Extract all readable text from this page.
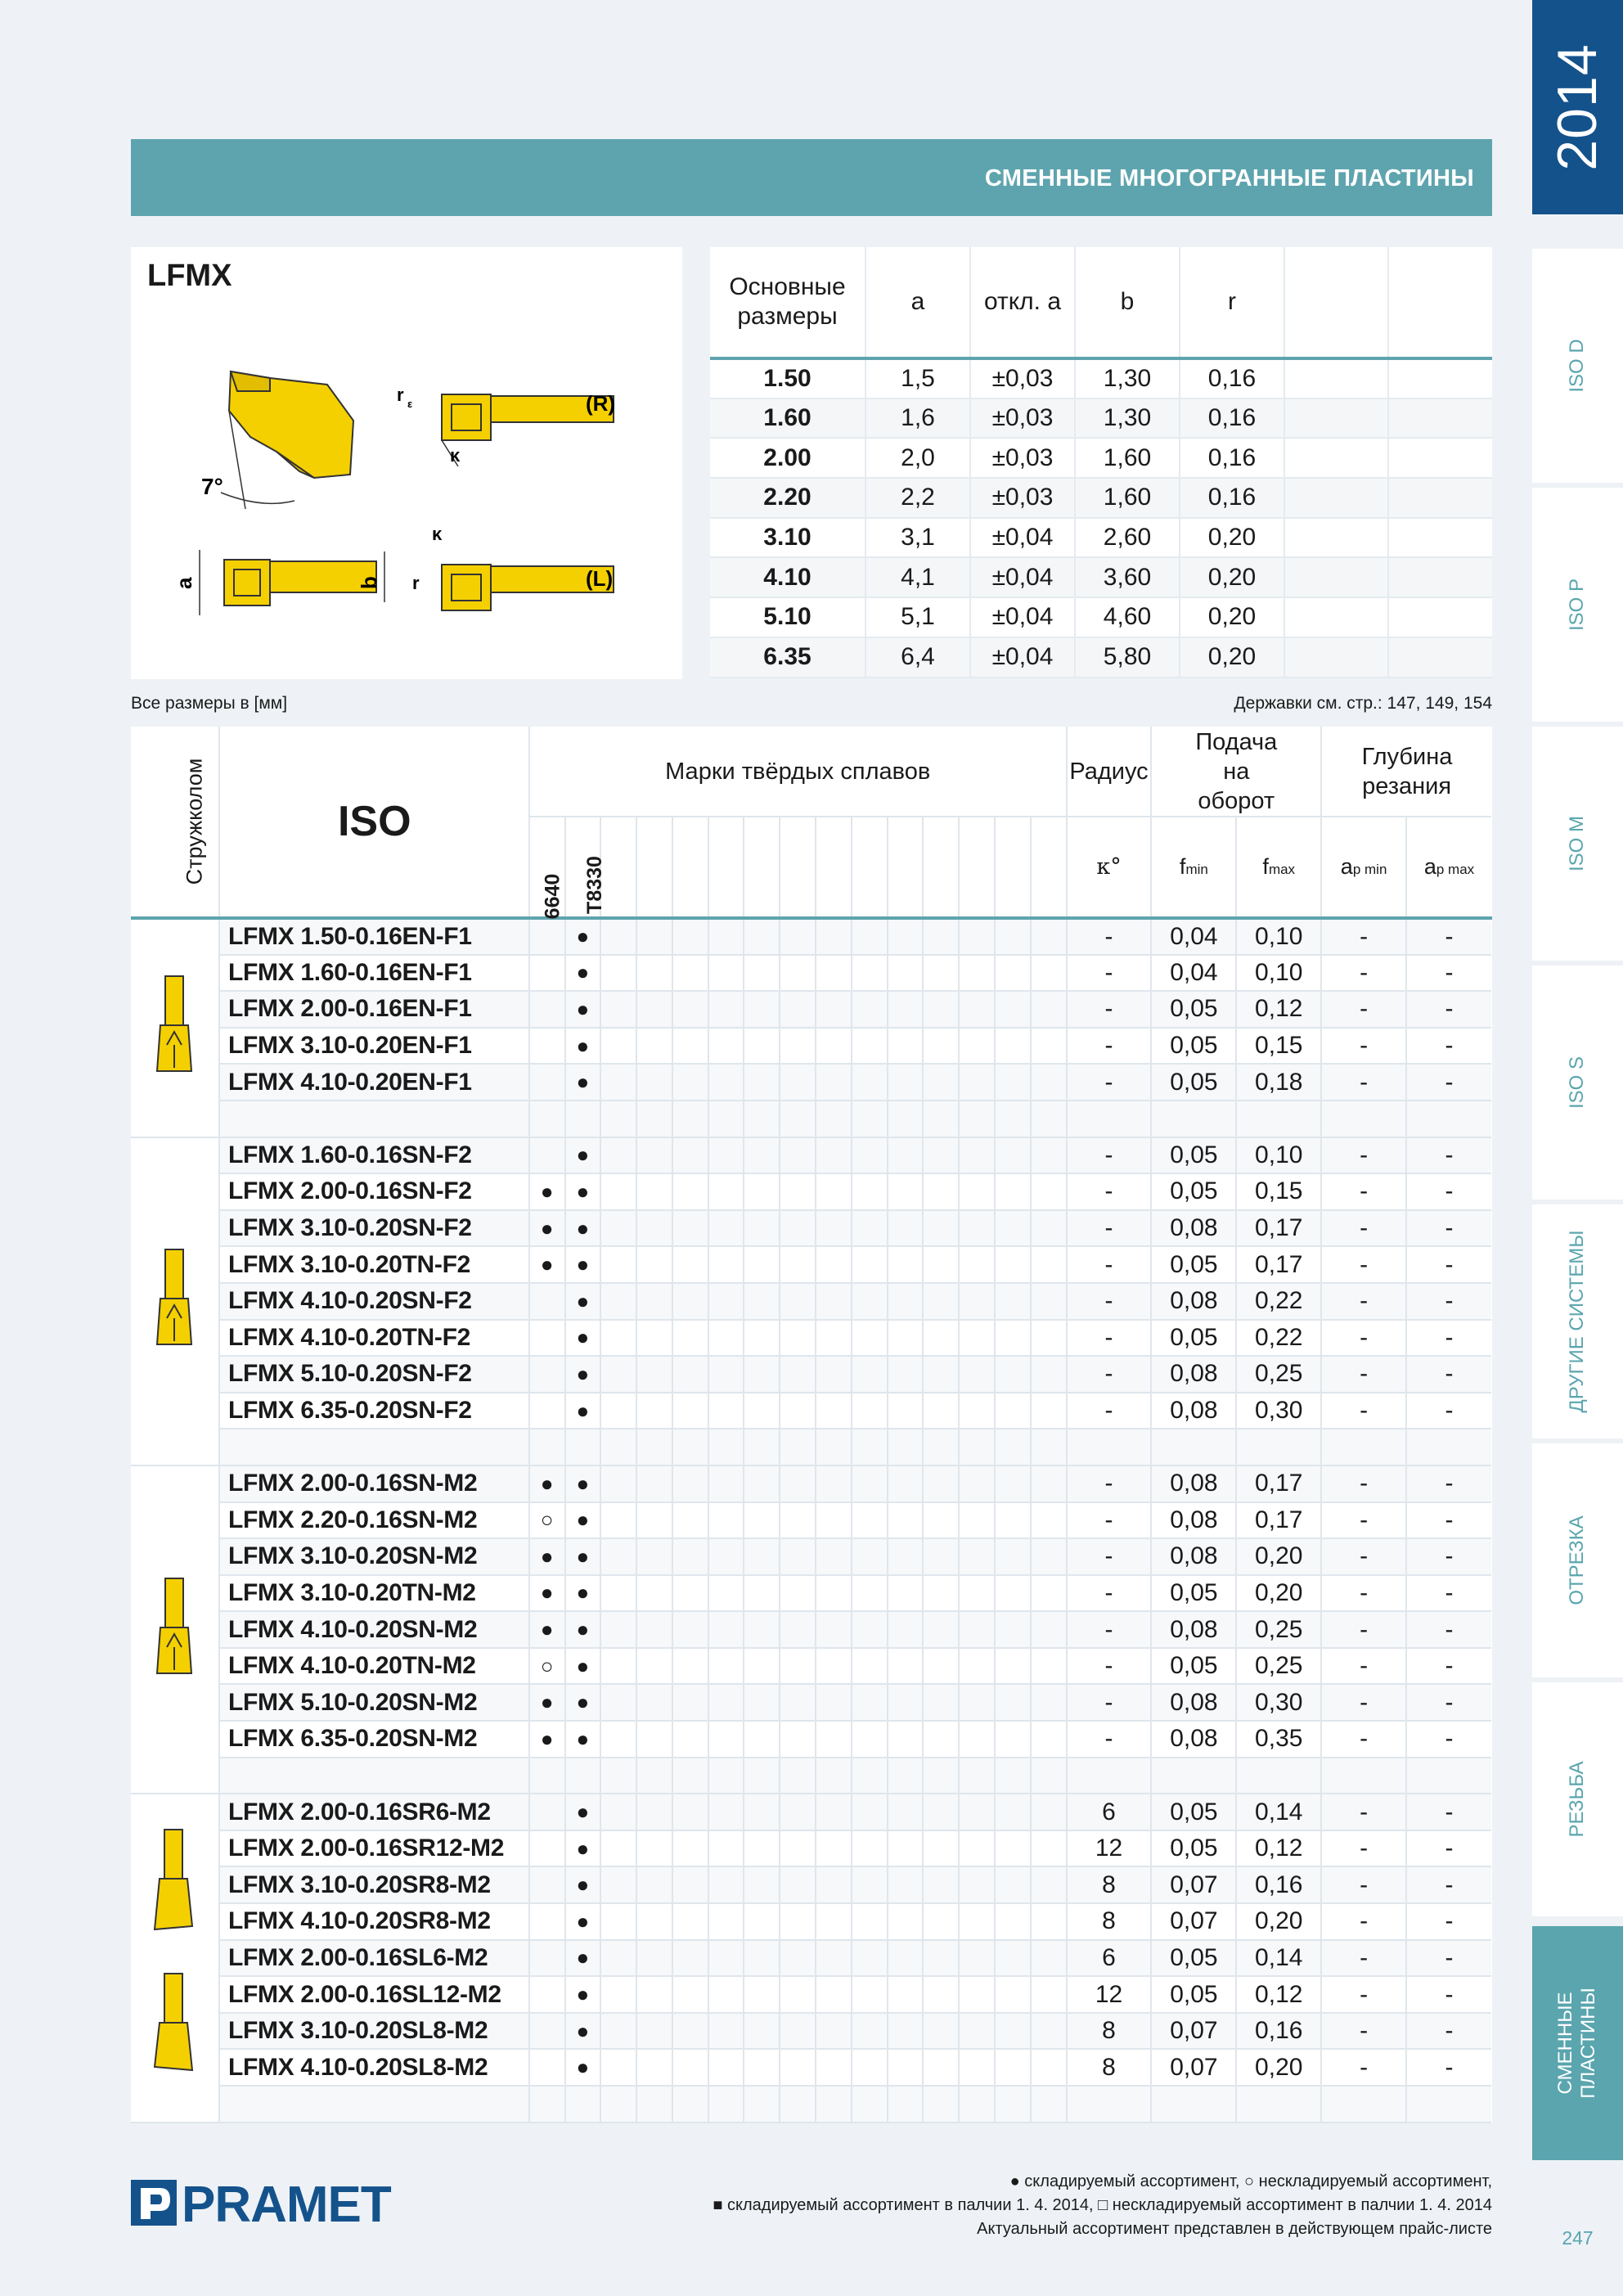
2014
ISO D
ISO P
ISO M
ISO S
ДРУГИЕ СИСТЕМЫ
ОТРЕЗКА
РЕЗЬБА
СМЕННЫЕ ПЛАСТИНЫ
247
СМЕННЫЕ МНОГОГРАННЫЕ ПЛАСТИНЫ
LFMX
7°
r ε
κ
(R)
a	b
κ
r	(L)
Основные размеры	a	откл. a	b	r		
1.50	1,5	±0,03	1,30	0,16		
1.60	1,6	±0,03	1,30	0,16		
2.00	2,0	±0,03	1,60	0,16		
2.20	2,2	±0,03	1,60	0,16		
3.10	3,1	±0,04	2,60	0,20		
4.10	4,1	±0,04	3,60	0,20		
5.10	5,1	±0,04	4,60	0,20		
6.35	6,4	±0,04	5,80	0,20		
Все размеры в [мм]	Державки см. стр.: 147, 149, 154
Стружколом	ISO	Марки твёрдых сплавов															Радиус	Подача на оборот		Глубина резания	
		6640	T8330														κ°	fmin	fmax	ap min	ap max

	LFMX 1.50-0.16EN-F1		●														-	0,04	0,10	-	-
	LFMX 1.60-0.16EN-F1		●														-	0,04	0,10	-	-
	LFMX 2.00-0.16EN-F1		●														-	0,05	0,12	-	-
	LFMX 3.10-0.20EN-F1		●														-	0,05	0,15	-	-
	LFMX 4.10-0.20EN-F1		●														-	0,05	0,18	-	-

	LFMX 1.60-0.16SN-F2		●														-	0,05	0,10	-	-
	LFMX 2.00-0.16SN-F2	●	●														-	0,05	0,15	-	-
	LFMX 3.10-0.20SN-F2	●	●														-	0,08	0,17	-	-
	LFMX 3.10-0.20TN-F2	●	●														-	0,05	0,17	-	-
	LFMX 4.10-0.20SN-F2		●														-	0,08	0,22	-	-
	LFMX 4.10-0.20TN-F2		●														-	0,05	0,22	-	-
	LFMX 5.10-0.20SN-F2		●														-	0,08	0,25	-	-
	LFMX 6.35-0.20SN-F2		●														-	0,08	0,30	-	-

	LFMX 2.00-0.16SN-M2	●	●														-	0,08	0,17	-	-
	LFMX 2.20-0.16SN-M2	○	●														-	0,08	0,17	-	-
	LFMX 3.10-0.20SN-M2	●	●														-	0,08	0,20	-	-
	LFMX 3.10-0.20TN-M2	●	●														-	0,05	0,20	-	-
	LFMX 4.10-0.20SN-M2	●	●														-	0,08	0,25	-	-
	LFMX 4.10-0.20TN-M2	○	●														-	0,05	0,25	-	-
	LFMX 5.10-0.20SN-M2	●	●														-	0,08	0,30	-	-
	LFMX 6.35-0.20SN-M2	●	●														-	0,08	0,35	-	-

	LFMX 2.00-0.16SR6-M2		●														6	0,05	0,14	-	-
	LFMX 2.00-0.16SR12-M2		●														12	0,05	0,12	-	-
	LFMX 3.10-0.20SR8-M2		●														8	0,07	0,16	-	-
	LFMX 4.10-0.20SR8-M2		●														8	0,07	0,20	-	-
	LFMX 2.00-0.16SL6-M2		●														6	0,05	0,14	-	-
	LFMX 2.00-0.16SL12-M2		●														12	0,05	0,12	-	-
	LFMX 3.10-0.20SL8-M2		●														8	0,07	0,16	-	-
	LFMX 4.10-0.20SL8-M2		●														8	0,07	0,20	-	-

PRAMET	● складируемый ассортимент, ○ нескладируемый ассортимент,
■ складируемый ассортимент в палчии 1. 4. 2014, □ нескладируемый ассортимент в палчии 1. 4. 2014
Актуальный ассортимент представлен в действующем прайс-листе
